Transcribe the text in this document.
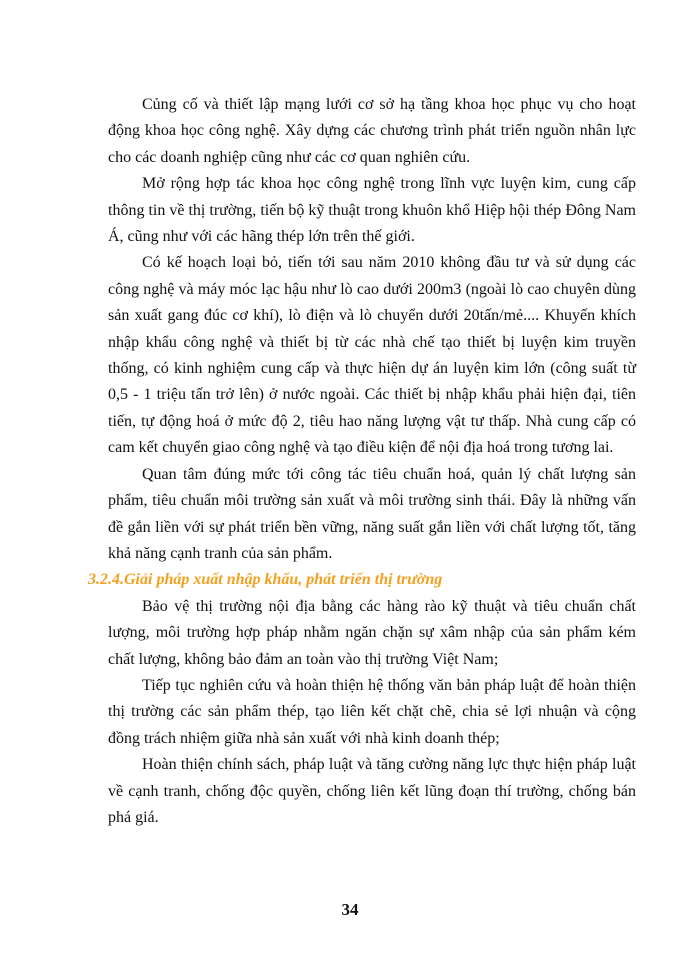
Củng cố và thiết lập mạng lưới cơ sở hạ tầng khoa học phục vụ cho hoạt động khoa học công nghệ. Xây dựng các chương trình phát triển nguồn nhân lực cho các doanh nghiệp cũng như các cơ quan nghiên cứu.

Mở rộng hợp tác khoa học công nghệ trong lĩnh vực luyện kim, cung cấp thông tin về thị trường, tiến bộ kỹ thuật trong khuôn khổ Hiệp hội thép Đông Nam Á, cũng như với các hãng thép lớn trên thế giới.

Có kế hoạch loại bỏ, tiến tới sau năm 2010 không đầu tư và sử dụng các công nghệ và máy móc lạc hậu như lò cao dưới 200m3 (ngoài lò cao chuyên dùng sản xuất gang đúc cơ khí), lò điện và lò chuyển dưới 20tấn/mẻ.... Khuyến khích nhập khẩu công nghệ và thiết bị từ các nhà chế tạo thiết bị luyện kim truyền thống, có kinh nghiệm cung cấp và thực hiện dự án luyện kim lớn (công suất từ 0,5 - 1 triệu tấn trở lên) ở nước ngoài. Các thiết bị nhập khẩu phải hiện đại, tiên tiến, tự động hoá ở mức độ 2, tiêu hao năng lượng vật tư thấp. Nhà cung cấp có cam kết chuyển giao công nghệ và tạo điều kiện để nội địa hoá trong tương lai.

Quan tâm đúng mức tới công tác tiêu chuẩn hoá, quản lý chất lượng sản phẩm, tiêu chuẩn môi trường sản xuất và môi trường sinh thái. Đây là những vấn đề gắn liền với sự phát triển bền vững, năng suất gắn liền với chất lượng tốt, tăng khả năng cạnh tranh của sản phẩm.

3.2.4.Giải pháp xuất nhập khẩu, phát triển thị trường

Bảo vệ thị trường nội địa bằng các hàng rào kỹ thuật và tiêu chuẩn chất lượng, môi trường hợp pháp nhằm ngăn chặn sự xâm nhập của sản phẩm kém chất lượng, không bảo đảm an toàn vào thị trường Việt Nam;

Tiếp tục nghiên cứu và hoàn thiện hệ thống văn bản pháp luật để hoàn thiện thị trường các sản phẩm thép, tạo liên kết chặt chẽ, chia sẻ lợi nhuận và cộng đồng trách nhiệm giữa nhà sản xuất với nhà kinh doanh thép;

Hoàn thiện chính sách, pháp luật và tăng cường năng lực thực hiện pháp luật về cạnh tranh, chống độc quyền, chống liên kết lũng đoạn thí trường, chống bán phá giá.

34
